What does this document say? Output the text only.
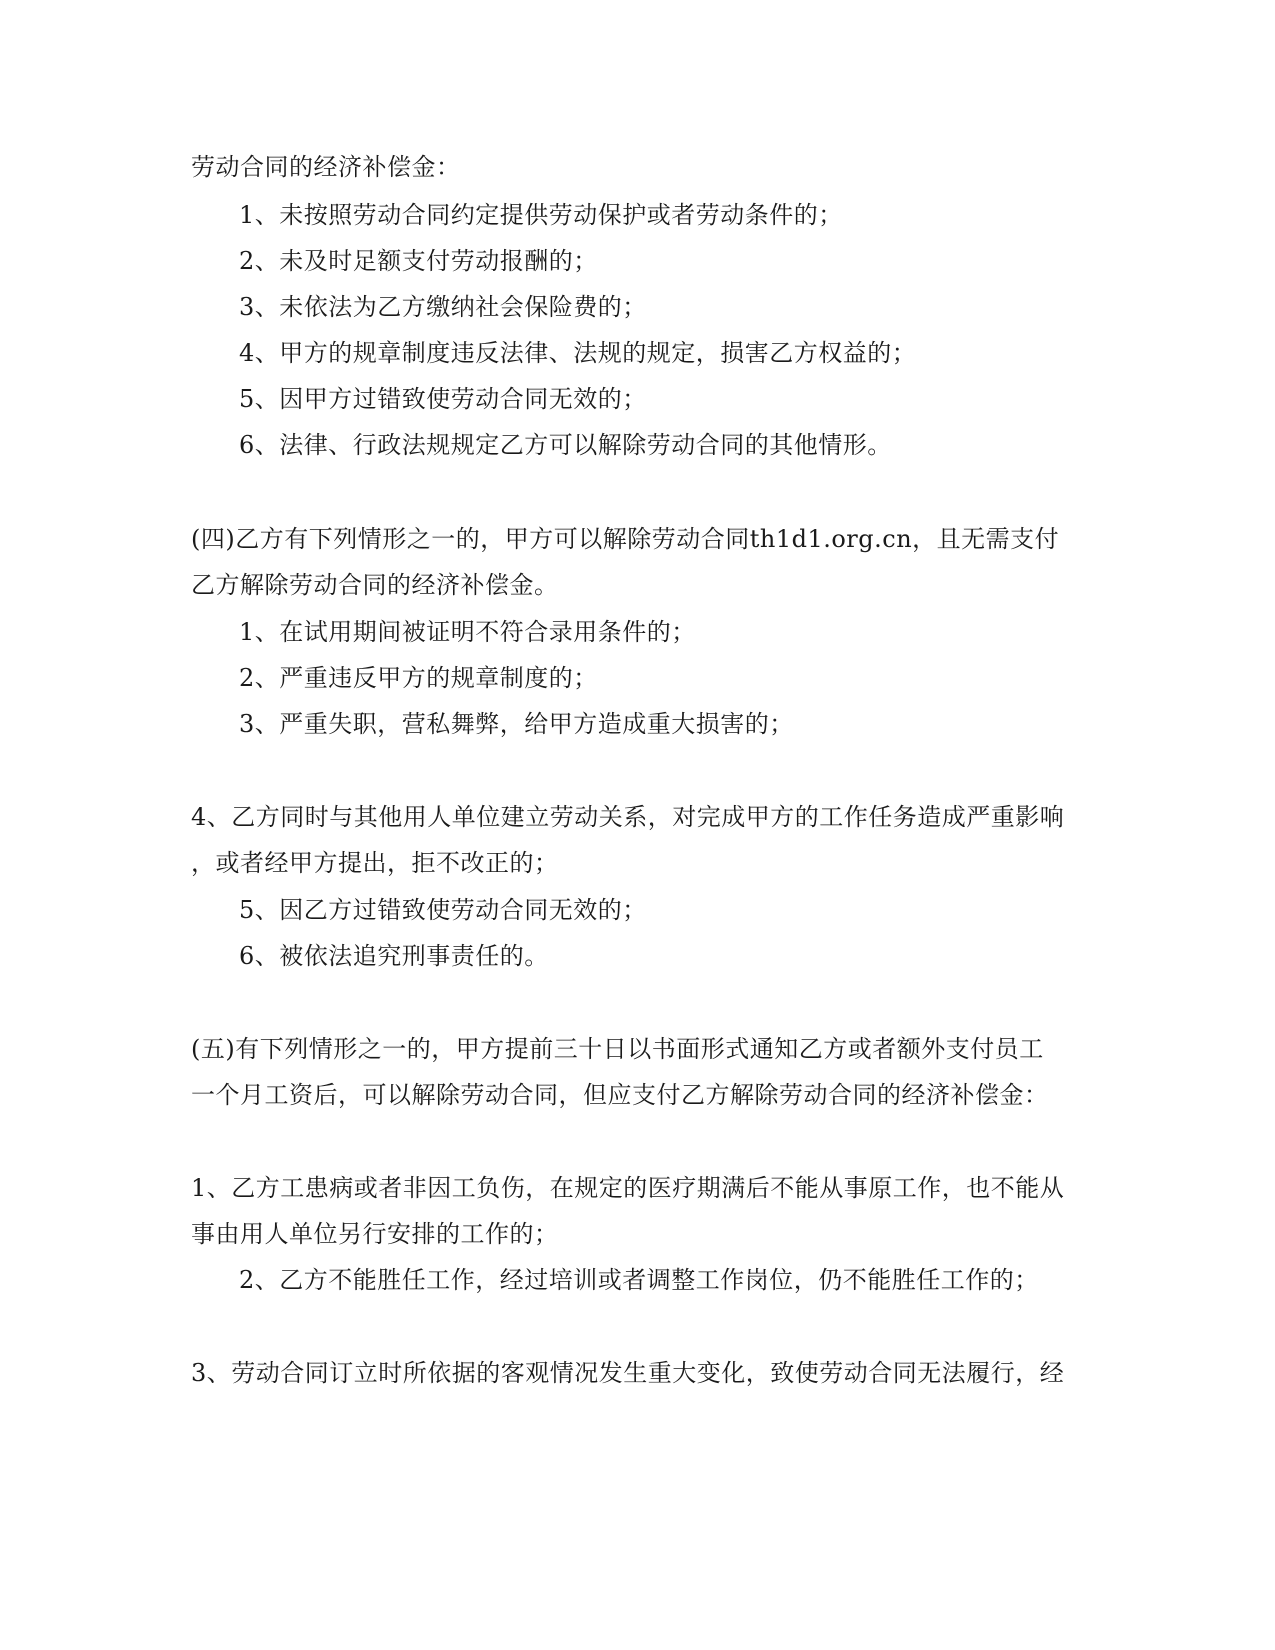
劳动合同的经济补偿金：
1、未按照劳动合同约定提供劳动保护或者劳动条件的；
2、未及时足额支付劳动报酬的；
3、未依法为乙方缴纳社会保险费的；
4、甲方的规章制度违反法律、法规的规定，损害乙方权益的；
5、因甲方过错致使劳动合同无效的；
6、法律、行政法规规定乙方可以解除劳动合同的其他情形。
(四)乙方有下列情形之一的，甲方可以解除劳动合同th1d1.org.cn，且无需支付
乙方解除劳动合同的经济补偿金。
1、在试用期间被证明不符合录用条件的；
2、严重违反甲方的规章制度的；
3、严重失职，营私舞弊，给甲方造成重大损害的；
4、乙方同时与其他用人单位建立劳动关系，对完成甲方的工作任务造成严重影响
，或者经甲方提出，拒不改正的；
5、因乙方过错致使劳动合同无效的；
6、被依法追究刑事责任的。
(五)有下列情形之一的，甲方提前三十日以书面形式通知乙方或者额外支付员工
一个月工资后，可以解除劳动合同，但应支付乙方解除劳动合同的经济补偿金：
1、乙方工患病或者非因工负伤，在规定的医疗期满后不能从事原工作，也不能从
事由用人单位另行安排的工作的；
2、乙方不能胜任工作，经过培训或者调整工作岗位，仍不能胜任工作的；
3、劳动合同订立时所依据的客观情况发生重大变化，致使劳动合同无法履行，经
